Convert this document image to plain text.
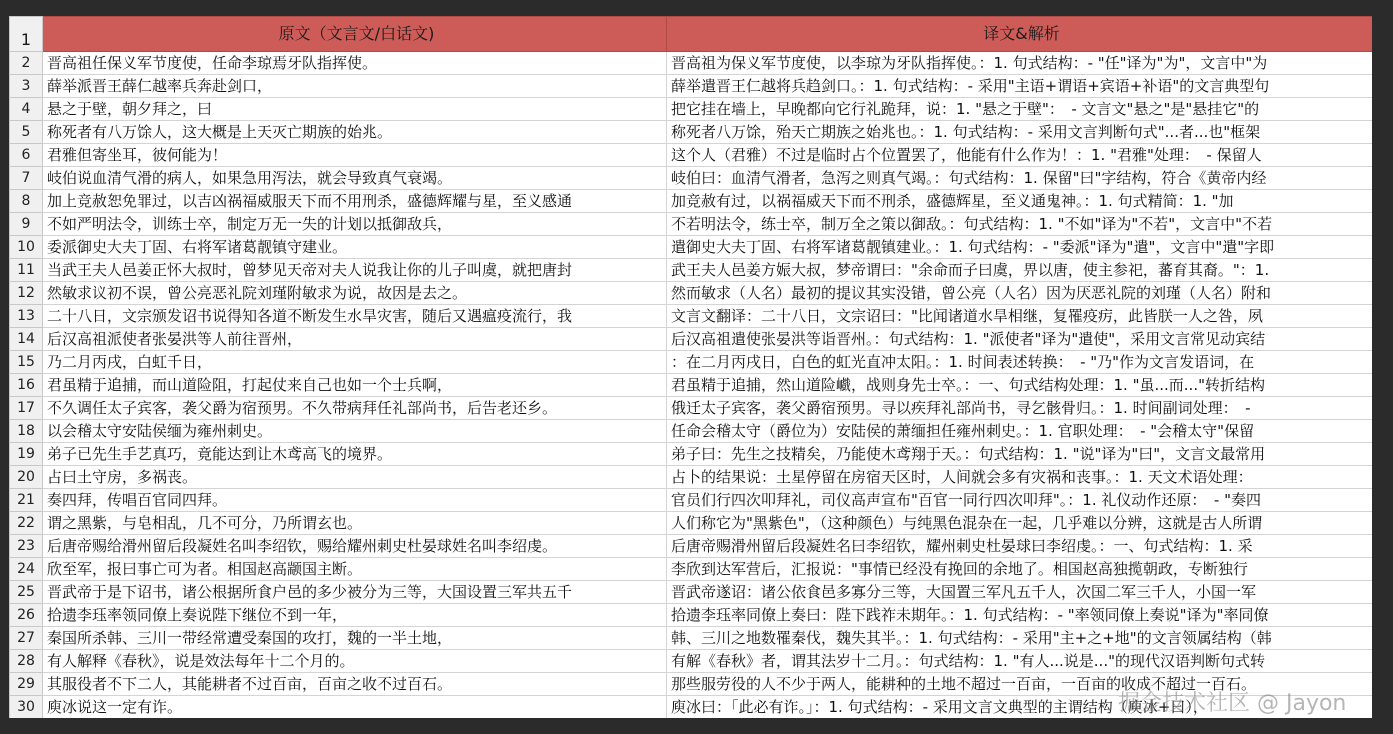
1	原文（文言文/白话文)	译文&解析
2	晋高祖任保义军节度使，任命李琼焉牙队指挥使。	晋高祖为保义军节度使，以李琼为牙队指挥使。：1. 句式结构：- "任"译为"为"，文言中"为
3	薛举派晋王薛仁越率兵奔赴剑口，	薛举遣晋王仁越将兵趋剑口。：1. 句式结构：- 采用"主语+谓语+宾语+补语"的文言典型句
4	悬之于壁，朝夕拜之，曰	把它挂在墙上，早晚都向它行礼跪拜，说：1. "悬之于壁"：　- 文言文"悬之"是"悬挂它"的
5	称死者有八万馀人，这大概是上天灭亡期族的始兆。	称死者八万馀，殆天亡期族之始兆也。：1. 句式结构：- 采用文言判断句式"...者...也"框架
6	君雅但寄坐耳，彼何能为！	这个人（君雅）不过是临时占个位置罢了，他能有什么作为！：1. "君雅"处理：　- 保留人
7	岐伯说血清气滑的病人，如果急用泻法，就会导致真气衰竭。	岐伯曰：血清气滑者，急泻之则真气竭。：句式结构：1. 保留"曰"字结构，符合《黄帝内经
8	加上竞赦恕免罪过，以吉凶祸福威服天下而不用刑杀，盛德辉耀与星，至义感通	加竞赦有过，以祸福威天下而不刑杀，盛德辉星，至义通鬼神。：1. 句式精简：1. "加
9	不如严明法令，训练士卒，制定万无一失的计划以抵御敌兵，	不若明法令，练士卒，制万全之策以御敌。：句式结构：1. "不如"译为"不若"，文言中"不若
10	委派御史大夫丁固、右将军诸葛靓镇守建业。	遣御史大夫丁固、右将军诸葛靓镇建业。：1. 句式结构：- "委派"译为"遣"，文言中"遣"字即
11	当武王夫人邑姜正怀大叔时，曾梦见天帝对夫人说我让你的儿子叫虞，就把唐封	武王夫人邑姜方娠大叔，梦帝谓曰："余命而子曰虞，畀以唐，使主参祀，蕃育其裔。"：1.
12	然敏求议初不误，曾公亮恶礼院刘瑾附敏求为说，故因是去之。	然而敏求（人名）最初的提议其实没错，曾公亮（人名）因为厌恶礼院的刘瑾（人名）附和
13	二十八日，文宗颁发诏书说得知各道不断发生水旱灾害，随后又遇瘟疫流行，我	文言文翻译：二十八日，文宗诏曰："比闻诸道水旱相继，复罹疫疠，此皆朕一人之咎，夙
14	后汉高祖派使者张晏洪等人前往晋州，	后汉高祖遣使张晏洪等诣晋州。：句式结构：1. "派使者"译为"遣使"，采用文言常见动宾结
15	乃二月丙戌，白虹千日，	：在二月丙戌日，白色的虹光直冲太阳。：1. 时间表述转换：　- "乃"作为文言发语词，在
16	君虽精于追捕，而山道险阻，打起仗来自己也如一个士兵啊，	君虽精于追捕，然山道险巇，战则身先士卒。：一、句式结构处理：1. "虽...而..."转折结构
17	不久调任太子宾客，袭父爵为宿预男。不久带病拜任礼部尚书，后告老还乡。	俄迁太子宾客，袭父爵宿预男。寻以疾拜礼部尚书，寻乞骸骨归。：1. 时间副词处理：　-
18	以会稽太守安陆侯缅为雍州刺史。	任命会稽太守（爵位为）安陆侯的萧缅担任雍州刺史。：1. 官职处理：　- "会稽太守"保留
19	弟子已先生手艺真巧，竟能达到让木鸢高飞的境界。	弟子曰：先生之技精矣，乃能使木鸢翔于天。：句式结构：1. "说"译为"曰"，文言文最常用
20	占曰土守房，多祸丧。	占卜的结果说：土星停留在房宿天区时，人间就会多有灾祸和丧事。：1. 天文术语处理：
21	奏四拜，传唱百官同四拜。	官员们行四次叩拜礼，司仪高声宣布"百官一同行四次叩拜"。：1. 礼仪动作还原：　- "奏四
22	谓之黑紫，与皂相乱，几不可分，乃所谓玄也。	人们称它为"黑紫色"，（这种颜色）与纯黑色混杂在一起，几乎难以分辨，这就是古人所谓
23	后唐帝赐给滑州留后段凝姓名叫李绍钦，赐给耀州刺史杜晏球姓名叫李绍虔。	后唐帝赐滑州留后段凝姓名曰李绍钦，耀州刺史杜晏球曰李绍虔。：一、句式结构：1. 采
24	欣至军，报曰事亡可为者。相国赵高颛国主断。	李欣到达军营后，汇报说："事情已经没有挽回的余地了。相国赵高独揽朝政，专断独行
25	晋武帝于是下诏书，诸公根据所食户邑的多少被分为三等，大国设置三军共五千	晋武帝遂诏：诸公依食邑多寡分三等，大国置三军凡五千人，次国二军三千人，小国一军
26	拾遗李珏率领同僚上奏说陛下继位不到一年，	拾遗李珏率同僚上奏曰：陛下践祚未期年。：1. 句式结构：- "率领同僚上奏说"译为"率同僚
27	秦国所杀韩、三川一带经常遭受秦国的攻打，魏的一半土地，	韩、三川之地数罹秦伐，魏失其半。：1. 句式结构：- 采用"主+之+地"的文言领属结构（韩
28	有人解释《春秋》，说是效法每年十二个月的。	有解《春秋》者，谓其法岁十二月。：句式结构：1. "有人...说是..."的现代汉语判断句式转
29	其服役者不下二人，其能耕者不过百亩，百亩之收不过百石。	那些服劳役的人不少于两人，能耕种的土地不超过一百亩，一百亩的收成不超过一百石。
30	庾冰说这一定有诈。	庾冰曰：「此必有诈。」：1. 句式结构：- 采用文言文典型的主谓结构（庾冰+曰），
掘金技术社区 @ Jayon
